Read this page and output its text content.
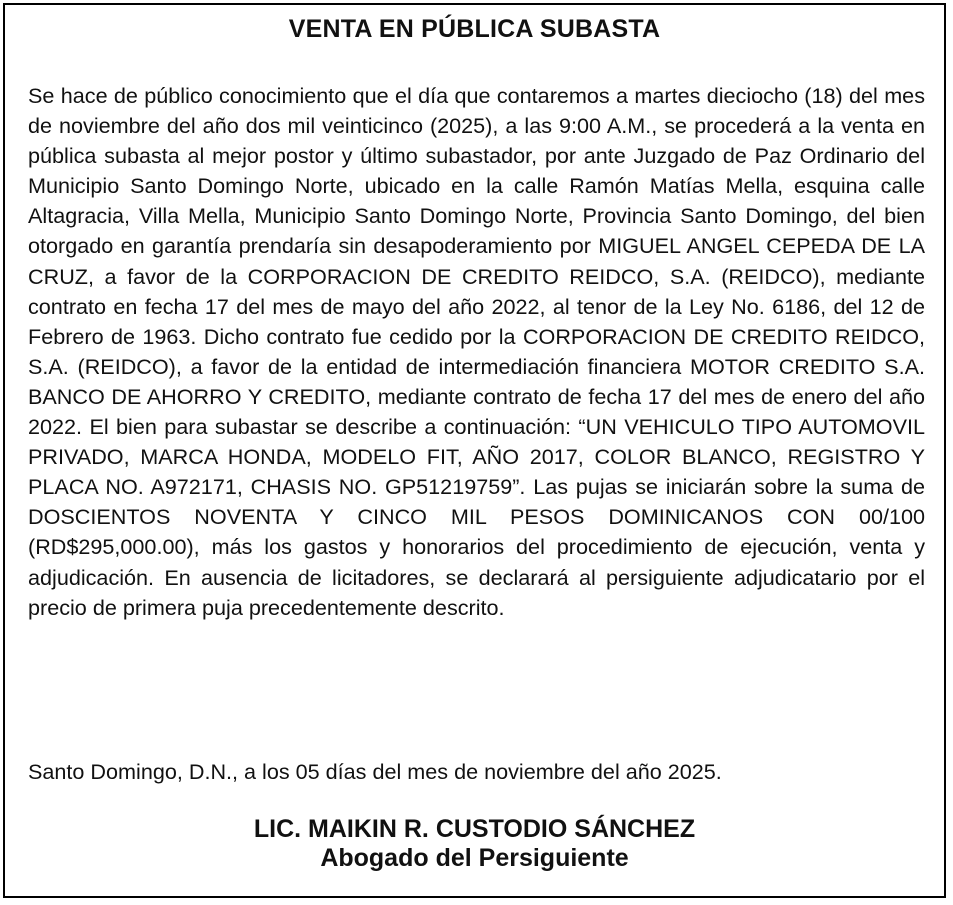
VENTA EN PÚBLICA SUBASTA

Se hace de público conocimiento que el día que contaremos a martes dieciocho (18) del mes de noviembre del año dos mil veinticinco (2025), a las 9:00 A.M., se procederá a la venta en pública subasta al mejor postor y último subastador, por ante Juzgado de Paz Ordinario del Municipio Santo Domingo Norte, ubicado en la calle Ramón Matías Mella, esquina calle Altagracia, Villa Mella, Municipio Santo Domingo Norte, Provincia Santo Domingo, del bien otorgado en garantía prendaría sin desapoderamiento por MIGUEL ANGEL CEPEDA DE LA CRUZ, a favor de la CORPORACION DE CREDITO REIDCO, S.A. (REIDCO), mediante contrato en fecha 17 del mes de mayo del año 2022, al tenor de la Ley No. 6186, del 12 de Febrero de 1963. Dicho contrato fue cedido por la CORPORACION DE CREDITO REIDCO, S.A. (REIDCO), a favor de la entidad de intermediación financiera MOTOR CREDITO S.A. BANCO DE AHORRO Y CREDITO, mediante contrato de fecha 17 del mes de enero del año 2022. El bien para subastar se describe a continuación: “UN VEHICULO TIPO AUTOMOVIL PRIVADO, MARCA HONDA, MODELO FIT, AÑO 2017, COLOR BLANCO, REGISTRO Y PLACA NO. A972171, CHASIS NO. GP51219759”. Las pujas se iniciarán sobre la suma de DOSCIENTOS NOVENTA Y CINCO MIL PESOS DOMINICANOS CON 00/100 (RD$295,000.00), más los gastos y honorarios del procedimiento de ejecución, venta y adjudicación. En ausencia de licitadores, se declarará al persiguiente adjudicatario por el precio de primera puja precedentemente descrito.

Santo Domingo, D.N., a los 05 días del mes de noviembre del año 2025.

LIC. MAIKIN R. CUSTODIO SÁNCHEZ
Abogado del Persiguiente
